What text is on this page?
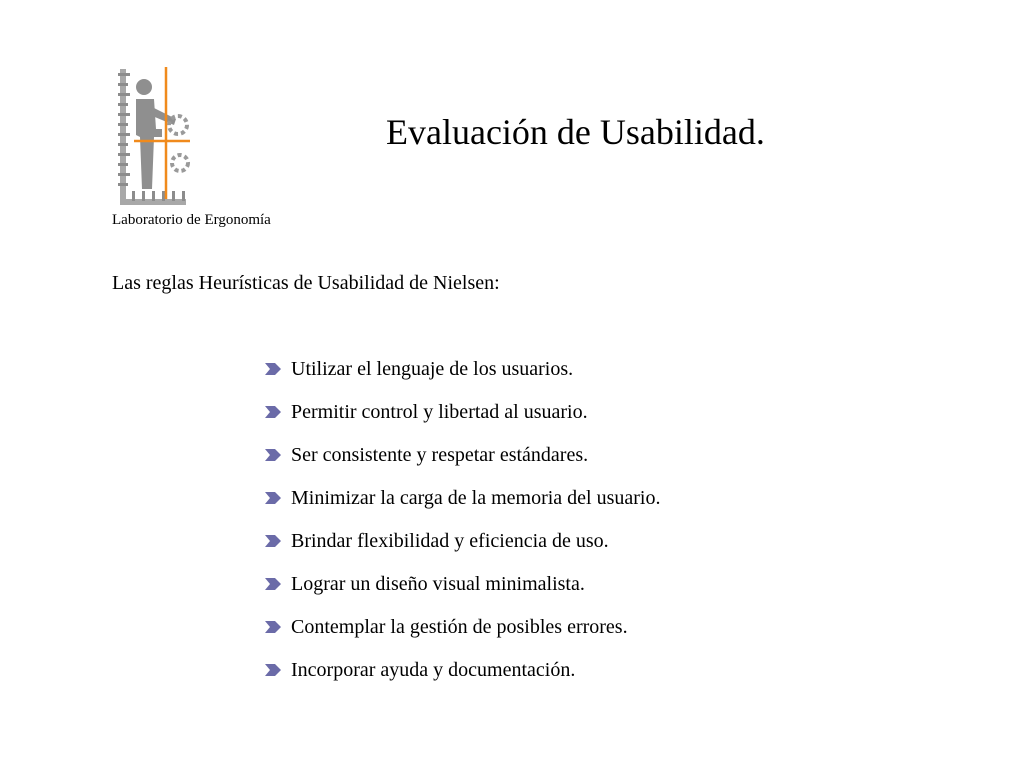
Laboratorio de Ergonomía
Evaluación de Usabilidad.
Las reglas Heurísticas de Usabilidad de Nielsen:
Utilizar el lenguaje de los usuarios.
Permitir control y libertad al usuario.
Ser consistente y respetar estándares.
Minimizar la carga de la memoria del usuario.
Brindar flexibilidad y eficiencia de uso.
Lograr un diseño visual minimalista.
Contemplar la gestión de posibles errores.
Incorporar ayuda y documentación.
